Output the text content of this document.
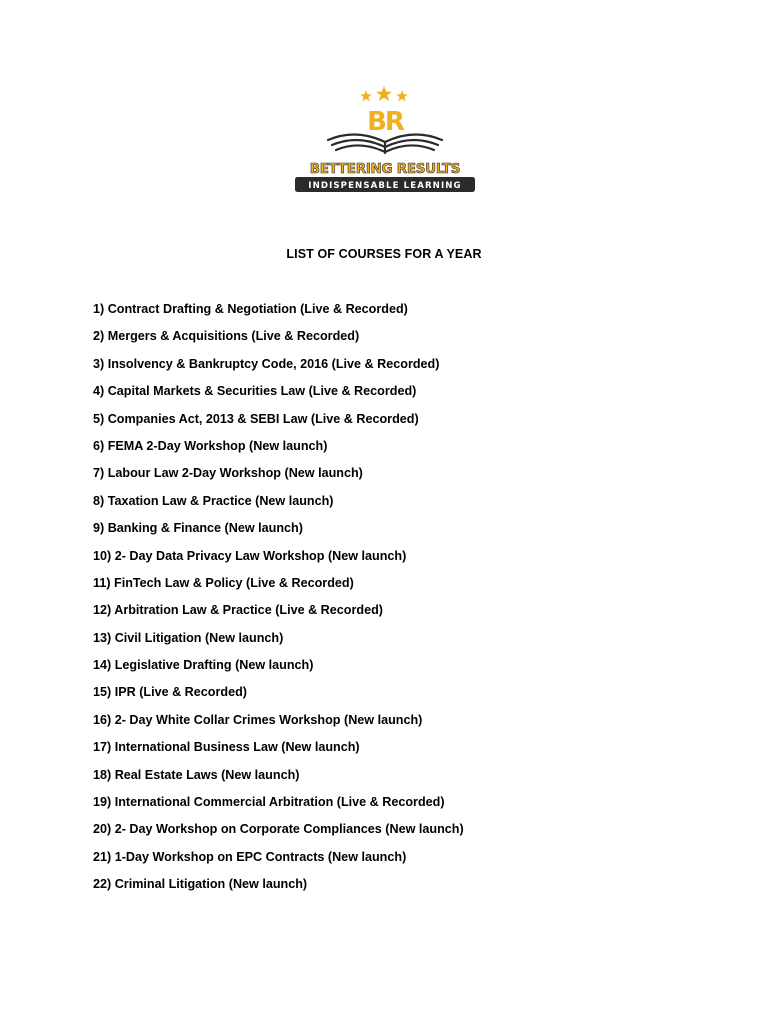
BR
BETTERING RESULTS
INDISPENSABLE LEARNING
LIST OF COURSES FOR A YEAR
1) Contract Drafting & Negotiation (Live & Recorded)
2) Mergers & Acquisitions (Live & Recorded)
3) Insolvency & Bankruptcy Code, 2016 (Live & Recorded)
4) Capital Markets & Securities Law (Live & Recorded)
5) Companies Act, 2013 & SEBI Law (Live & Recorded)
6) FEMA 2-Day Workshop (New launch)
7) Labour Law 2-Day Workshop (New launch)
8) Taxation Law & Practice (New launch)
9) Banking & Finance (New launch)
10) 2- Day Data Privacy Law Workshop (New launch)
11) FinTech Law & Policy (Live & Recorded)
12) Arbitration Law & Practice (Live & Recorded)
13) Civil Litigation (New launch)
14) Legislative Drafting (New launch)
15) IPR (Live & Recorded)
16) 2- Day White Collar Crimes Workshop (New launch)
17) International Business Law (New launch)
18) Real Estate Laws (New launch)
19) International Commercial Arbitration (Live & Recorded)
20) 2- Day Workshop on Corporate Compliances (New launch)
21) 1-Day Workshop on EPC Contracts (New launch)
22) Criminal Litigation (New launch)
